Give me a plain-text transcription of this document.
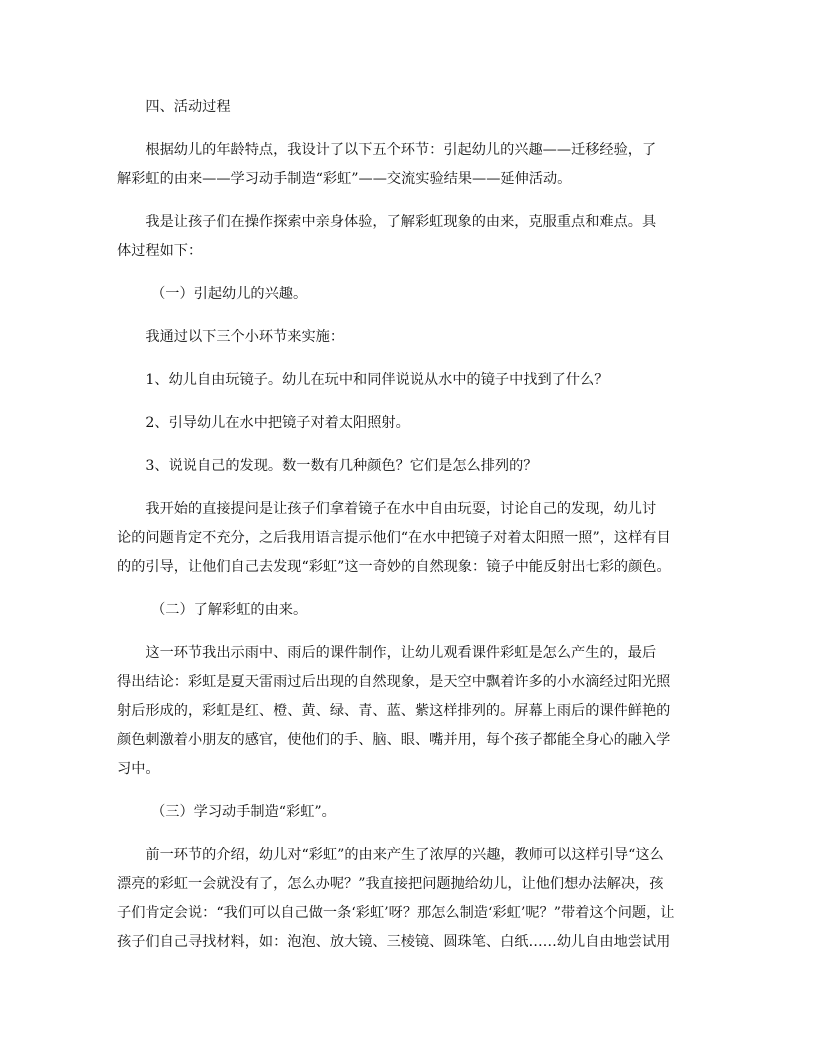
四、活动过程

根据幼儿的年龄特点，我设计了以下五个环节：引起幼儿的兴趣——迁移经验，了
解彩虹的由来——学习动手制造“彩虹”——交流实验结果——延伸活动。

我是让孩子们在操作探索中亲身体验，了解彩虹现象的由来，克服重点和难点。具
体过程如下：

（一）引起幼儿的兴趣。

我通过以下三个小环节来实施：

1、幼儿自由玩镜子。幼儿在玩中和同伴说说从水中的镜子中找到了什么？

2、引导幼儿在水中把镜子对着太阳照射。

3、说说自己的发现。数一数有几种颜色？它们是怎么排列的？

我开始的直接提问是让孩子们拿着镜子在水中自由玩耍，讨论自己的发现，幼儿讨
论的问题肯定不充分，之后我用语言提示他们“在水中把镜子对着太阳照一照”，这样有目
的的引导，让他们自己去发现“彩虹”这一奇妙的自然现象：镜子中能反射出七彩的颜色。

（二）了解彩虹的由来。

这一环节我出示雨中、雨后的课件制作，让幼儿观看课件彩虹是怎么产生的，最后
得出结论：彩虹是夏天雷雨过后出现的自然现象，是天空中飘着许多的小水滴经过阳光照
射后形成的，彩虹是红、橙、黄、绿、青、蓝、紫这样排列的。屏幕上雨后的课件鲜艳的
颜色刺激着小朋友的感官，使他们的手、脑、眼、嘴并用，每个孩子都能全身心的融入学
习中。

（三）学习动手制造“彩虹”。

前一环节的介绍，幼儿对“彩虹”的由来产生了浓厚的兴趣，教师可以这样引导“这么
漂亮的彩虹一会就没有了，怎么办呢？”我直接把问题抛给幼儿，让他们想办法解决，孩
子们肯定会说：“我们可以自己做一条‘彩虹’呀？那怎么制造‘彩虹’呢？”带着这个问题，让
孩子们自己寻找材料，如：泡泡、放大镜、三棱镜、圆珠笔、白纸……幼儿自由地尝试用
